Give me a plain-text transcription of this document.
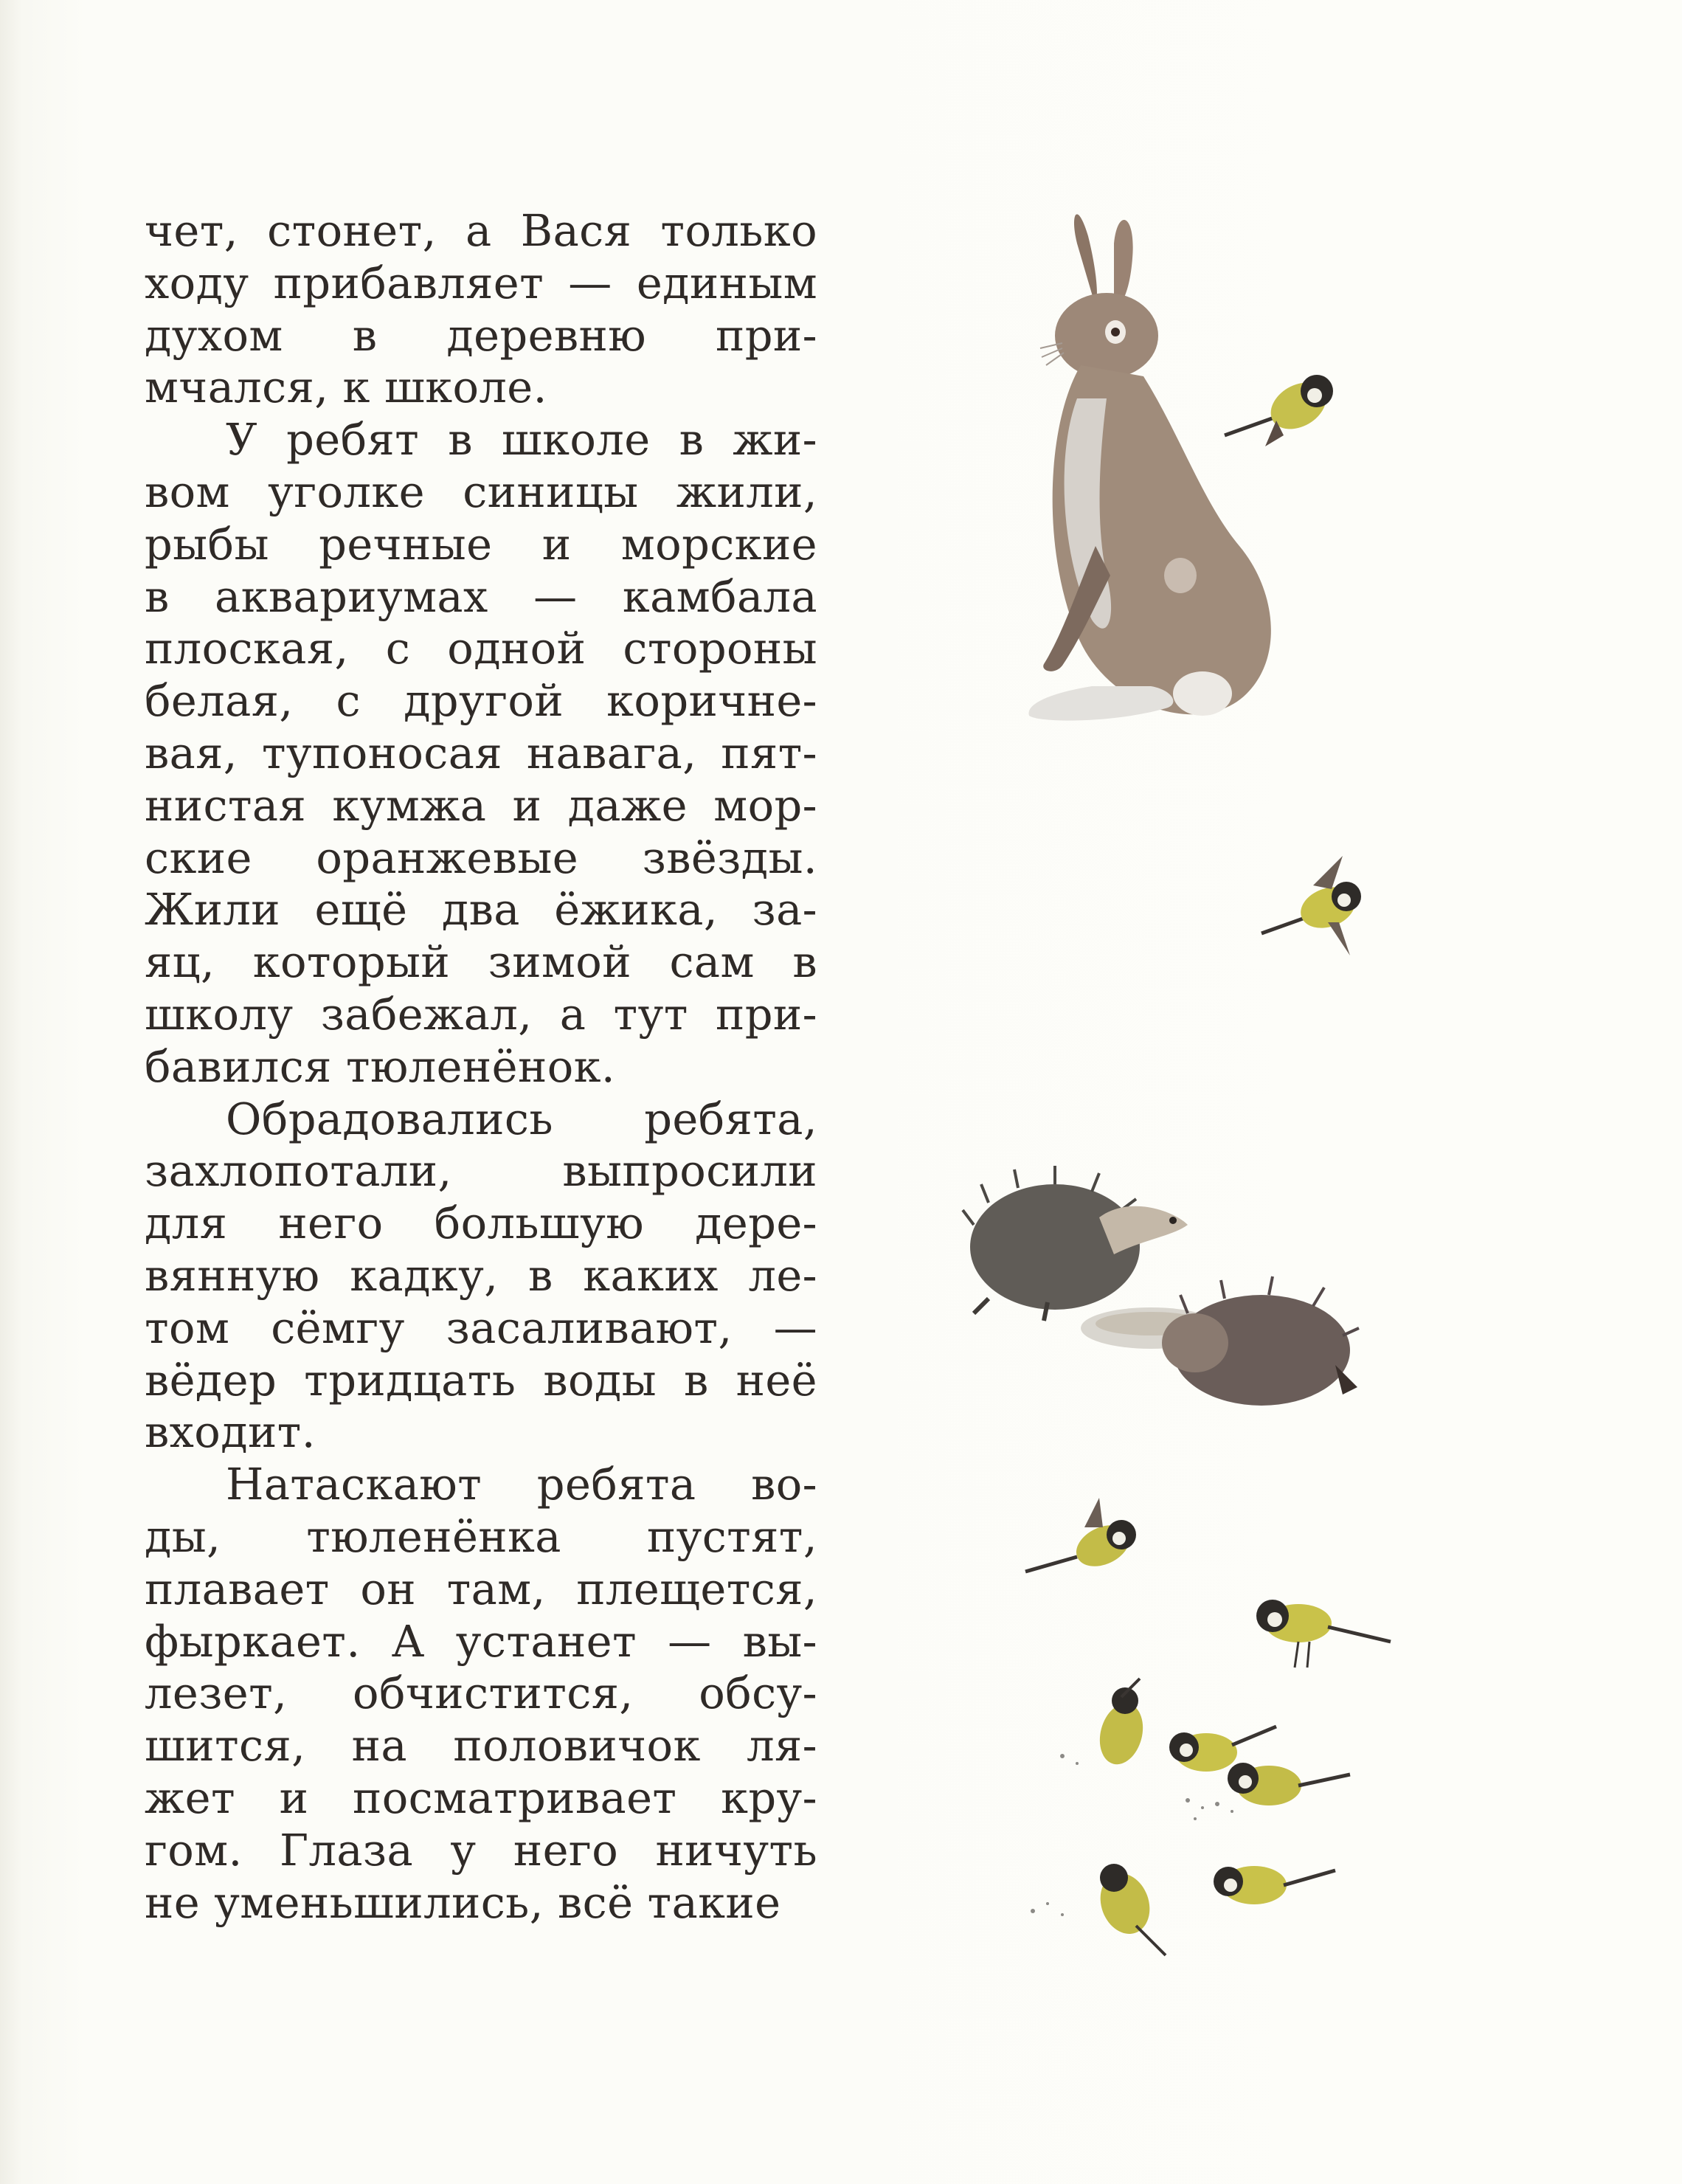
чет, стонет, а Вася только
ходу прибавляет — единым
духом в деревню при-
мчался, к школе.
У ребят в школе в жи-
вом уголке синицы жили,
рыбы речные и морские
в аквариумах — камбала
плоская, с одной стороны
белая, с другой коричне-
вая, тупоносая навага, пят-
нистая кумжа и даже мор-
ские оранжевые звёзды.
Жили ещё два ёжика, за-
яц, который зимой сам в
школу забежал, а тут при-
бавился тюленёнок.
Обрадовались ребята,
захлопотали, выпросили
для него большую дере-
вянную кадку, в каких ле-
том сёмгу засаливают, —
вёдер тридцать воды в неё
входит.
Натаскают ребята во-
ды, тюленёнка пустят,
плавает он там, плещется,
фыркает. А устанет — вы-
лезет, обчистится, обсу-
шится, на половичок ля-
жет и посматривает кру-
гом. Глаза у него ничуть
не уменьшились, всё такие
